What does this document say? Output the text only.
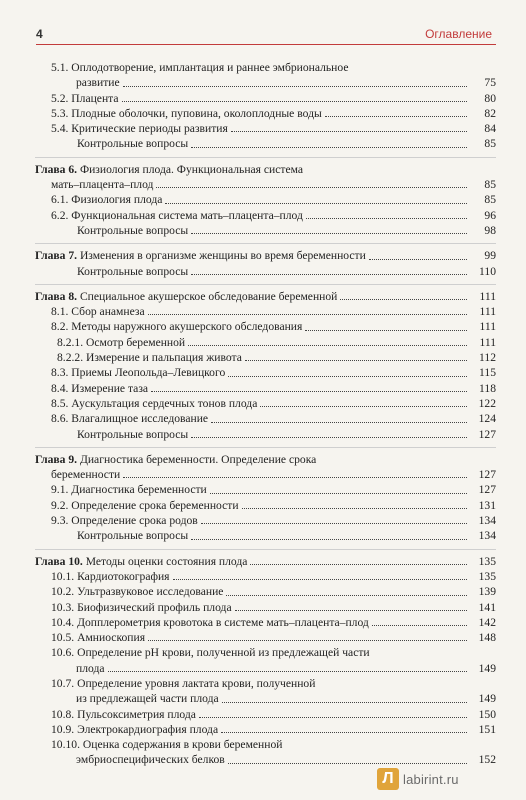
4	Оглавление
5.1. Оплодотворение, имплантация и раннее эмбриональное
развитие	75
5.2. Плацента	80
5.3. Плодные оболочки, пуповина, околоплодные воды	82
5.4. Критические периоды развития	84
Контрольные вопросы	85
Глава 6. Физиология плода. Функциональная система
мать–плацента–плод	85
6.1. Физиология плода	85
6.2. Функциональная система мать–плацента–плод	96
Контрольные вопросы	98
Глава 7. Изменения в организме женщины во время беременности	99
Контрольные вопросы	110
Глава 8. Специальное акушерское обследование беременной	111
8.1. Сбор анамнеза	111
8.2. Методы наружного акушерского обследования	111
8.2.1. Осмотр беременной	111
8.2.2. Измерение и пальпация живота	112
8.3. Приемы Леопольда–Левицкого	115
8.4. Измерение таза	118
8.5. Аускультация сердечных тонов плода	122
8.6. Влагалищное исследование	124
Контрольные вопросы	127
Глава 9. Диагностика беременности. Определение срока
беременности	127
9.1. Диагностика беременности	127
9.2. Определение срока беременности	131
9.3. Определение срока родов	134
Контрольные вопросы	134
Глава 10. Методы оценки состояния плода	135
10.1. Кардиотокография	135
10.2. Ультразвуковое исследование	139
10.3. Биофизический профиль плода	141
10.4. Допплерометрия кровотока в системе мать–плацента–плод	142
10.5. Амниоскопия	148
10.6. Определение pH крови, полученной из предлежащей части
плода	149
10.7. Определение уровня лактата крови, полученной
из предлежащей части плода	149
10.8. Пульсоксиметрия плода	150
10.9. Электрокардиография плода	151
10.10. Оценка содержания в крови беременной
эмбриоспецифических белков	152
Л labirint.ru
